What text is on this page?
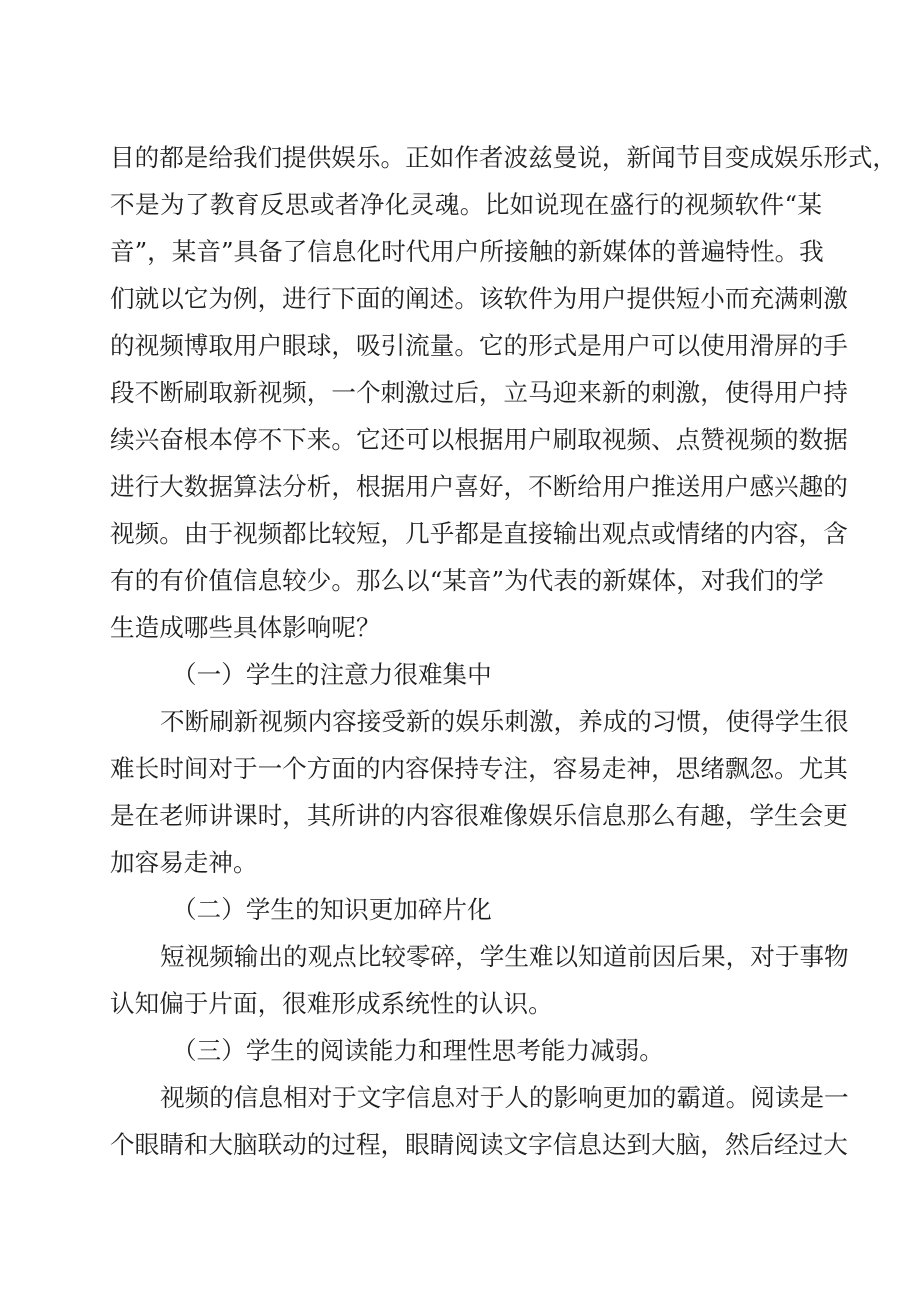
目的都是给我们提供娱乐。正如作者波兹曼说，新闻节目变成娱乐形式，
不是为了教育反思或者净化灵魂。比如说现在盛行的视频软件“某
音”，某音”具备了信息化时代用户所接触的新媒体的普遍特性。我
们就以它为例，进行下面的阐述。该软件为用户提供短小而充满刺激
的视频博取用户眼球，吸引流量。它的形式是用户可以使用滑屏的手
段不断刷取新视频，一个刺激过后，立马迎来新的刺激，使得用户持
续兴奋根本停不下来。它还可以根据用户刷取视频、点赞视频的数据
进行大数据算法分析，根据用户喜好，不断给用户推送用户感兴趣的
视频。由于视频都比较短，几乎都是直接输出观点或情绪的内容，含
有的有价值信息较少。那么以“某音”为代表的新媒体，对我们的学
生造成哪些具体影响呢？
（一）学生的注意力很难集中
不断刷新视频内容接受新的娱乐刺激，养成的习惯，使得学生很
难长时间对于一个方面的内容保持专注，容易走神，思绪飘忽。尤其
是在老师讲课时，其所讲的内容很难像娱乐信息那么有趣，学生会更
加容易走神。
（二）学生的知识更加碎片化
短视频输出的观点比较零碎，学生难以知道前因后果，对于事物
认知偏于片面，很难形成系统性的认识。
（三）学生的阅读能力和理性思考能力减弱。
视频的信息相对于文字信息对于人的影响更加的霸道。阅读是一
个眼睛和大脑联动的过程，眼睛阅读文字信息达到大脑，然后经过大
